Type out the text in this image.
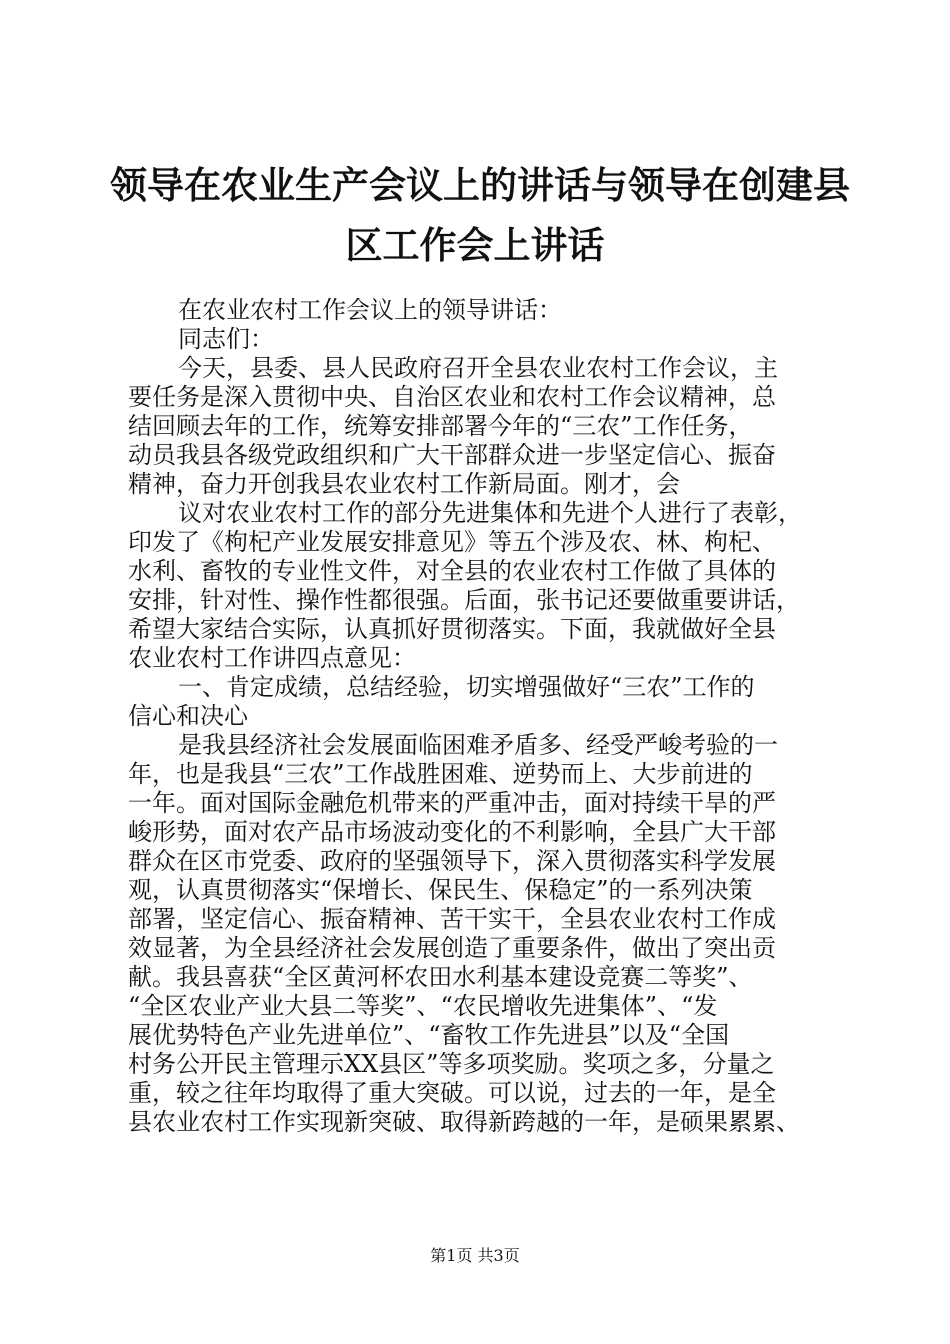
领导在农业生产会议上的讲话与领导在创建县
区工作会上讲话
在农业农村工作会议上的领导讲话：
同志们：
今天，县委、县人民政府召开全县农业农村工作会议，主
要任务是深入贯彻中央、自治区农业和农村工作会议精神，总
结回顾去年的工作，统筹安排部署今年的“三农”工作任务，
动员我县各级党政组织和广大干部群众进一步坚定信心、振奋
精神，奋力开创我县农业农村工作新局面。刚才，会
议对农业农村工作的部分先进集体和先进个人进行了表彰，
印发了《枸杞产业发展安排意见》等五个涉及农、林、枸杞、
水利、畜牧的专业性文件，对全县的农业农村工作做了具体的
安排，针对性、操作性都很强。后面，张书记还要做重要讲话，
希望大家结合实际，认真抓好贯彻落实。下面，我就做好全县
农业农村工作讲四点意见：
一、肯定成绩，总结经验，切实增强做好“三农”工作的
信心和决心
是我县经济社会发展面临困难矛盾多、经受严峻考验的一
年，也是我县“三农”工作战胜困难、逆势而上、大步前进的
一年。面对国际金融危机带来的严重冲击，面对持续干旱的严
峻形势，面对农产品市场波动变化的不利影响，全县广大干部
群众在区市党委、政府的坚强领导下，深入贯彻落实科学发展
观，认真贯彻落实“保增长、保民生、保稳定”的一系列决策
部署，坚定信心、振奋精神、苦干实干，全县农业农村工作成
效显著，为全县经济社会发展创造了重要条件，做出了突出贡
献。我县喜获“全区黄河杯农田水利基本建设竞赛二等奖”、
“全区农业产业大县二等奖”、“农民增收先进集体”、“发
展优势特色产业先进单位”、“畜牧工作先进县”以及“全国
村务公开民主管理示XX县区”等多项奖励。奖项之多，分量之
重，较之往年均取得了重大突破。可以说，过去的一年，是全
县农业农村工作实现新突破、取得新跨越的一年，是硕果累累、
第1页 共3页
